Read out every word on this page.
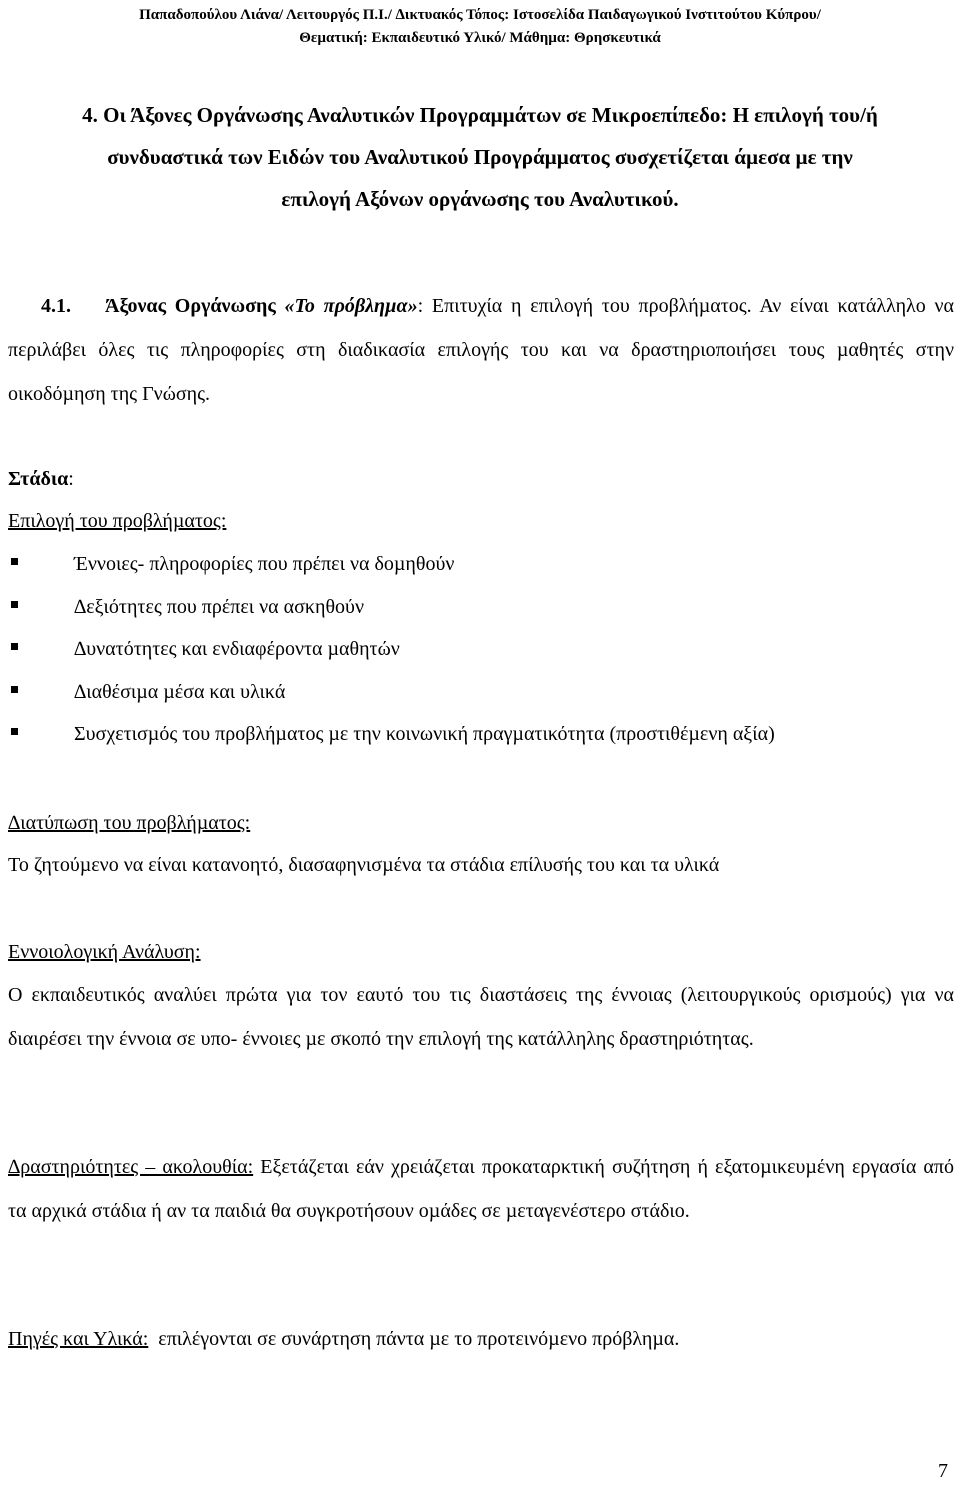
Παπαδοπούλου Λιάνα/ Λειτουργός Π.Ι./ ∆ικτυακός Τόπος: Ιστοσελίδα Παιδαγωγικού Ινστιτούτου Κύπρου/
Θεµατική: Εκπαιδευτικό Υλικό/ Μάθηµα: Θρησκευτικά
4. Οι Άξονες Οργάνωσης Αναλυτικών Προγραµµάτων σε Μικροεπίπεδο: Η επιλογή του/ή
συνδυαστικά των Ειδών του Αναλυτικού Προγράµµατος συσχετίζεται άµεσα µε την
επιλογή Αξόνων οργάνωσης του Αναλυτικού.

4.1. Άξονας Οργάνωσης «Το πρόβληµα»: Επιτυχία η επιλογή του προβλήµατος. Αν είναι κατάλληλο να περιλάβει όλες τις πληροφορίες στη διαδικασία επιλογής του και να δραστηριοποιήσει τους µαθητές στην οικοδόµηση της Γνώσης.

Στάδια:
Επιλογή του προβλήµατος:
Έννοιες- πληροφορίες που πρέπει να δοµηθούν
∆εξιότητες που πρέπει να ασκηθούν
∆υνατότητες και ενδιαφέροντα µαθητών
∆ιαθέσιµα µέσα και υλικά
Συσχετισµός του προβλήµατος µε την κοινωνική πραγµατικότητα (προστιθέµενη αξία)
∆ιατύπωση του προβλήµατος:
Το ζητούµενο να είναι κατανοητό, διασαφηνισµένα τα στάδια επίλυσής του και τα υλικά
Εννοιολογική Ανάλυση:

Ο εκπαιδευτικός αναλύει πρώτα για τον εαυτό του τις διαστάσεις της έννοιας (λειτουργικούς ορισµούς) για να διαιρέσει την έννοια σε υπο- έννοιες µε σκοπό την επιλογή της κατάλληλης δραστηριότητας.

∆ραστηριότητες – ακολουθία: Εξετάζεται εάν χρειάζεται προκαταρκτική συζήτηση ή εξατοµικευµένη εργασία από τα αρχικά στάδια ή αν τα παιδιά θα συγκροτήσουν οµάδες σε µεταγενέστερο στάδιο.

Πηγές και Υλικά: επιλέγονται σε συνάρτηση πάντα µε το προτεινόµενο πρόβληµα.
7
